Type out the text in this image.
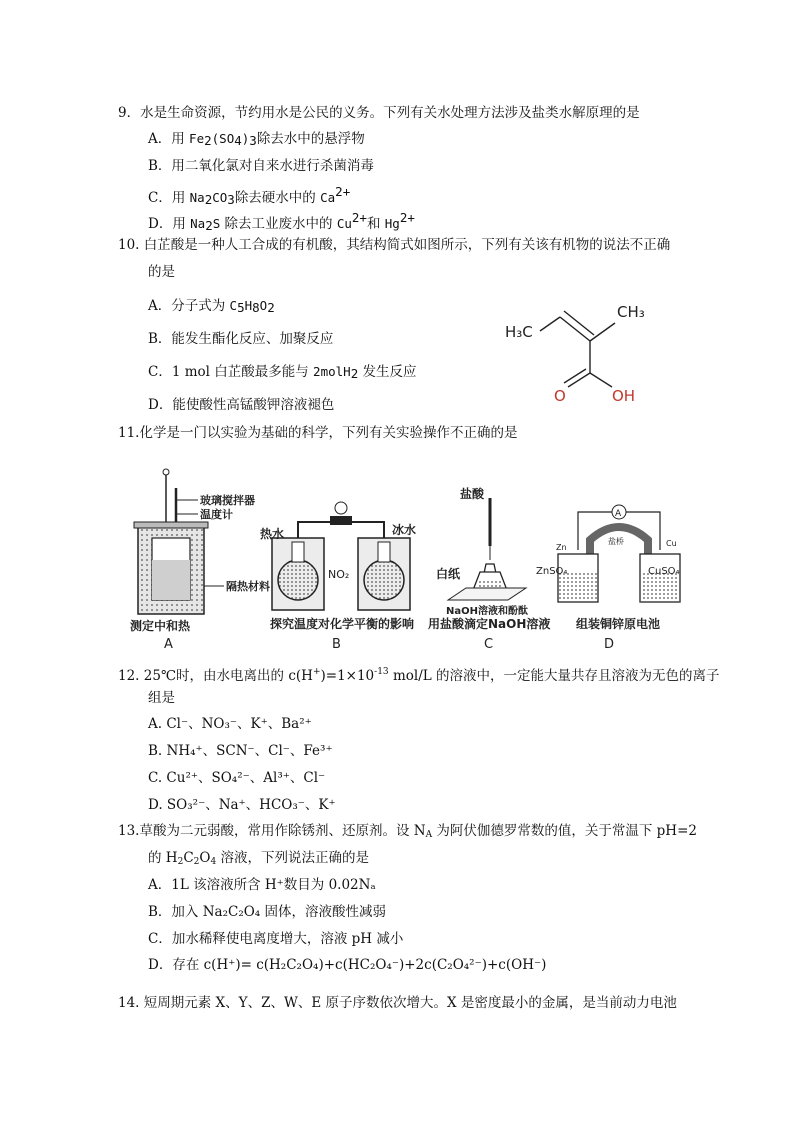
9．水是生命资源，节约用水是公民的义务。下列有关水处理方法涉及盐类水解原理的是
A．用 Fe2(SO4)3除去水中的悬浮物
B．用二氧化氯对自来水进行杀菌消毒
C．用 Na2CO3除去硬水中的 Ca2+
D．用 Na2S 除去工业废水中的 Cu2+和 Hg2+
10. 白芷酸是一种人工合成的有机酸，其结构简式如图所示，下列有关该有机物的说法不正确
的是
A．分子式为 C5H8O2
B．能发生酯化反应、加聚反应
C．1 mol 白芷酸最多能与 2molH2 发生反应
D．能使酸性高锰酸钾溶液褪色
H₃C
CH₃
O	OH
11.化学是一门以实验为基础的科学，下列有关实验操作不正确的是
玻璃搅拌器
温度计
隔热材料
测定中和热
A
热水	冰水
NO₂
探究温度对化学平衡的影响
B
盐酸
白纸
NaOH溶液和酚酞
用盐酸滴定NaOH溶液
C
A
盐桥
Zn	Cu
ZnSO₄	CuSO₄
组装铜锌原电池
D
12. 25℃时，由水电离出的 $c(H^+)=1\times 10^{-13}$ mol/L 的溶液中，一定能大量共存且溶液为无色的离子
组是
A. Cl⁻、NO₃⁻、K⁺、Ba²⁺
B. NH₄⁺、SCN⁻、Cl⁻、Fe³⁺
C. Cu²⁺、SO₄²⁻、Al³⁺、Cl⁻
D. SO₃²⁻、Na⁺、HCO₃⁻、K⁺
13.草酸为二元弱酸，常用作除锈剂、还原剂。设 $N_A$ 为阿伏伽德罗常数的值，关于常温下 pH=2
的 $H_2C_2O_4$ 溶液，下列说法正确的是
A．1L 该溶液所含 H⁺数目为 0.02Nₐ
B．加入 Na₂C₂O₄ 固体，溶液酸性减弱
C．加水稀释使电离度增大，溶液 pH 减小
D．存在 c(H⁺)= c(H₂C₂O₄)+c(HC₂O₄⁻)+2c(C₂O₄²⁻)+c(OH⁻)
14. 短周期元素 X、Y、Z、W、E 原子序数依次增大。X 是密度最小的金属，是当前动力电池
